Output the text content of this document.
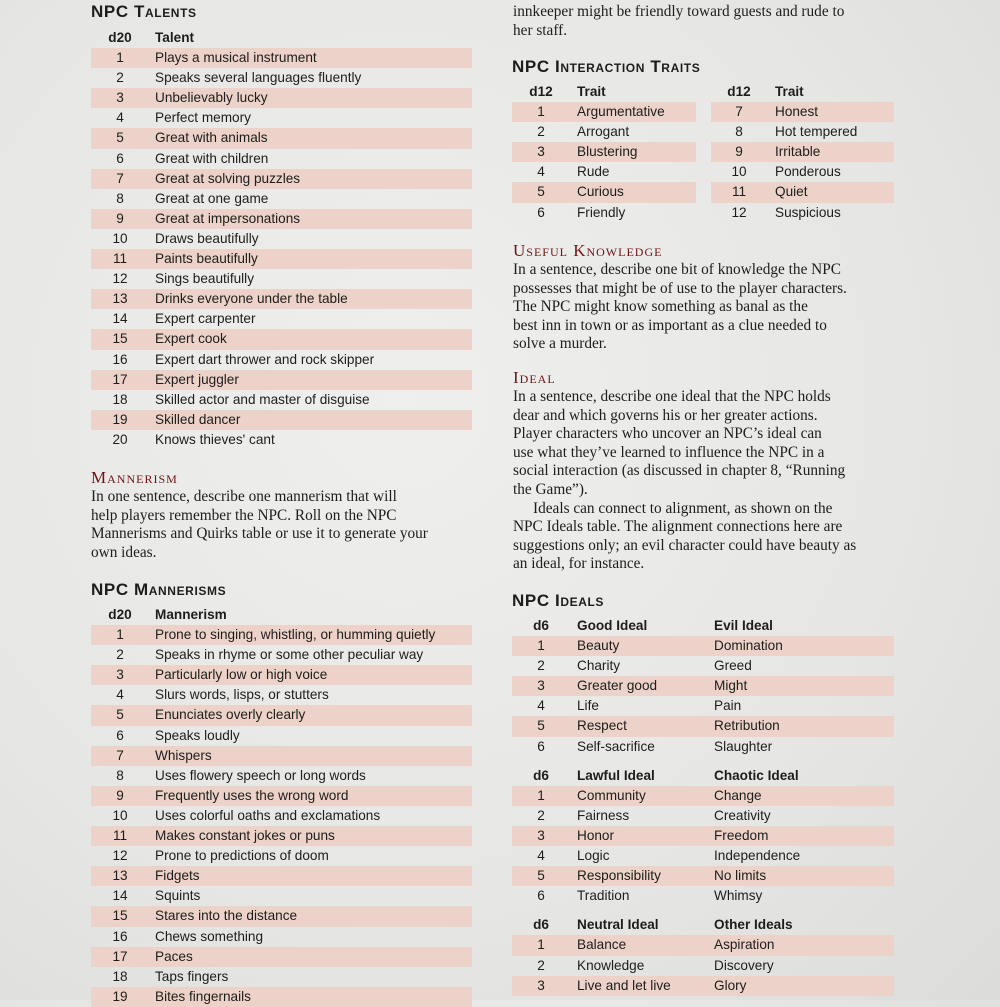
NPC Talents
d20	Talent
1	Plays a musical instrument
2	Speaks several languages fluently
3	Unbelievably lucky
4	Perfect memory
5	Great with animals
6	Great with children
7	Great at solving puzzles
8	Great at one game
9	Great at impersonations
10	Draws beautifully
11	Paints beautifully
12	Sings beautifully
13	Drinks everyone under the table
14	Expert carpenter
15	Expert cook
16	Expert dart thrower and rock skipper
17	Expert juggler
18	Skilled actor and master of disguise
19	Skilled dancer
20	Knows thieves' cant
Mannerism
In one sentence, describe one mannerism that will
help players remember the NPC. Roll on the NPC
Mannerisms and Quirks table or use it to generate your
own ideas.
NPC Mannerisms
d20	Mannerism
1	Prone to singing, whistling, or humming quietly
2	Speaks in rhyme or some other peculiar way
3	Particularly low or high voice
4	Slurs words, lisps, or stutters
5	Enunciates overly clearly
6	Speaks loudly
7	Whispers
8	Uses flowery speech or long words
9	Frequently uses the wrong word
10	Uses colorful oaths and exclamations
11	Makes constant jokes or puns
12	Prone to predictions of doom
13	Fidgets
14	Squints
15	Stares into the distance
16	Chews something
17	Paces
18	Taps fingers
19	Bites fingernails
innkeeper might be friendly toward guests and rude to
her staff.
NPC Interaction Traits
d12	Trait
1	Argumentative
2	Arrogant
3	Blustering
4	Rude
5	Curious
6	Friendly
d12	Trait
7	Honest
8	Hot tempered
9	Irritable
10	Ponderous
11	Quiet
12	Suspicious
Useful Knowledge
In a sentence, describe one bit of knowledge the NPC
possesses that might be of use to the player characters.
The NPC might know something as banal as the
best inn in town or as important as a clue needed to
solve a murder.
Ideal
In a sentence, describe one ideal that the NPC holds
dear and which governs his or her greater actions.
Player characters who uncover an NPC’s ideal can
use what they’ve learned to influence the NPC in a
social interaction (as discussed in chapter 8, “Running
the Game”).
Ideals can connect to alignment, as shown on the
NPC Ideals table. The alignment connections here are
suggestions only; an evil character could have beauty as
an ideal, for instance.
NPC Ideals
d6	Good Ideal	Evil Ideal
1	Beauty	Domination
2	Charity	Greed
3	Greater good	Might
4	Life	Pain
5	Respect	Retribution
6	Self-sacrifice	Slaughter
d6	Lawful Ideal	Chaotic Ideal
1	Community	Change
2	Fairness	Creativity
3	Honor	Freedom
4	Logic	Independence
5	Responsibility	No limits
6	Tradition	Whimsy
d6	Neutral Ideal	Other Ideals
1	Balance	Aspiration
2	Knowledge	Discovery
3	Live and let live	Glory
